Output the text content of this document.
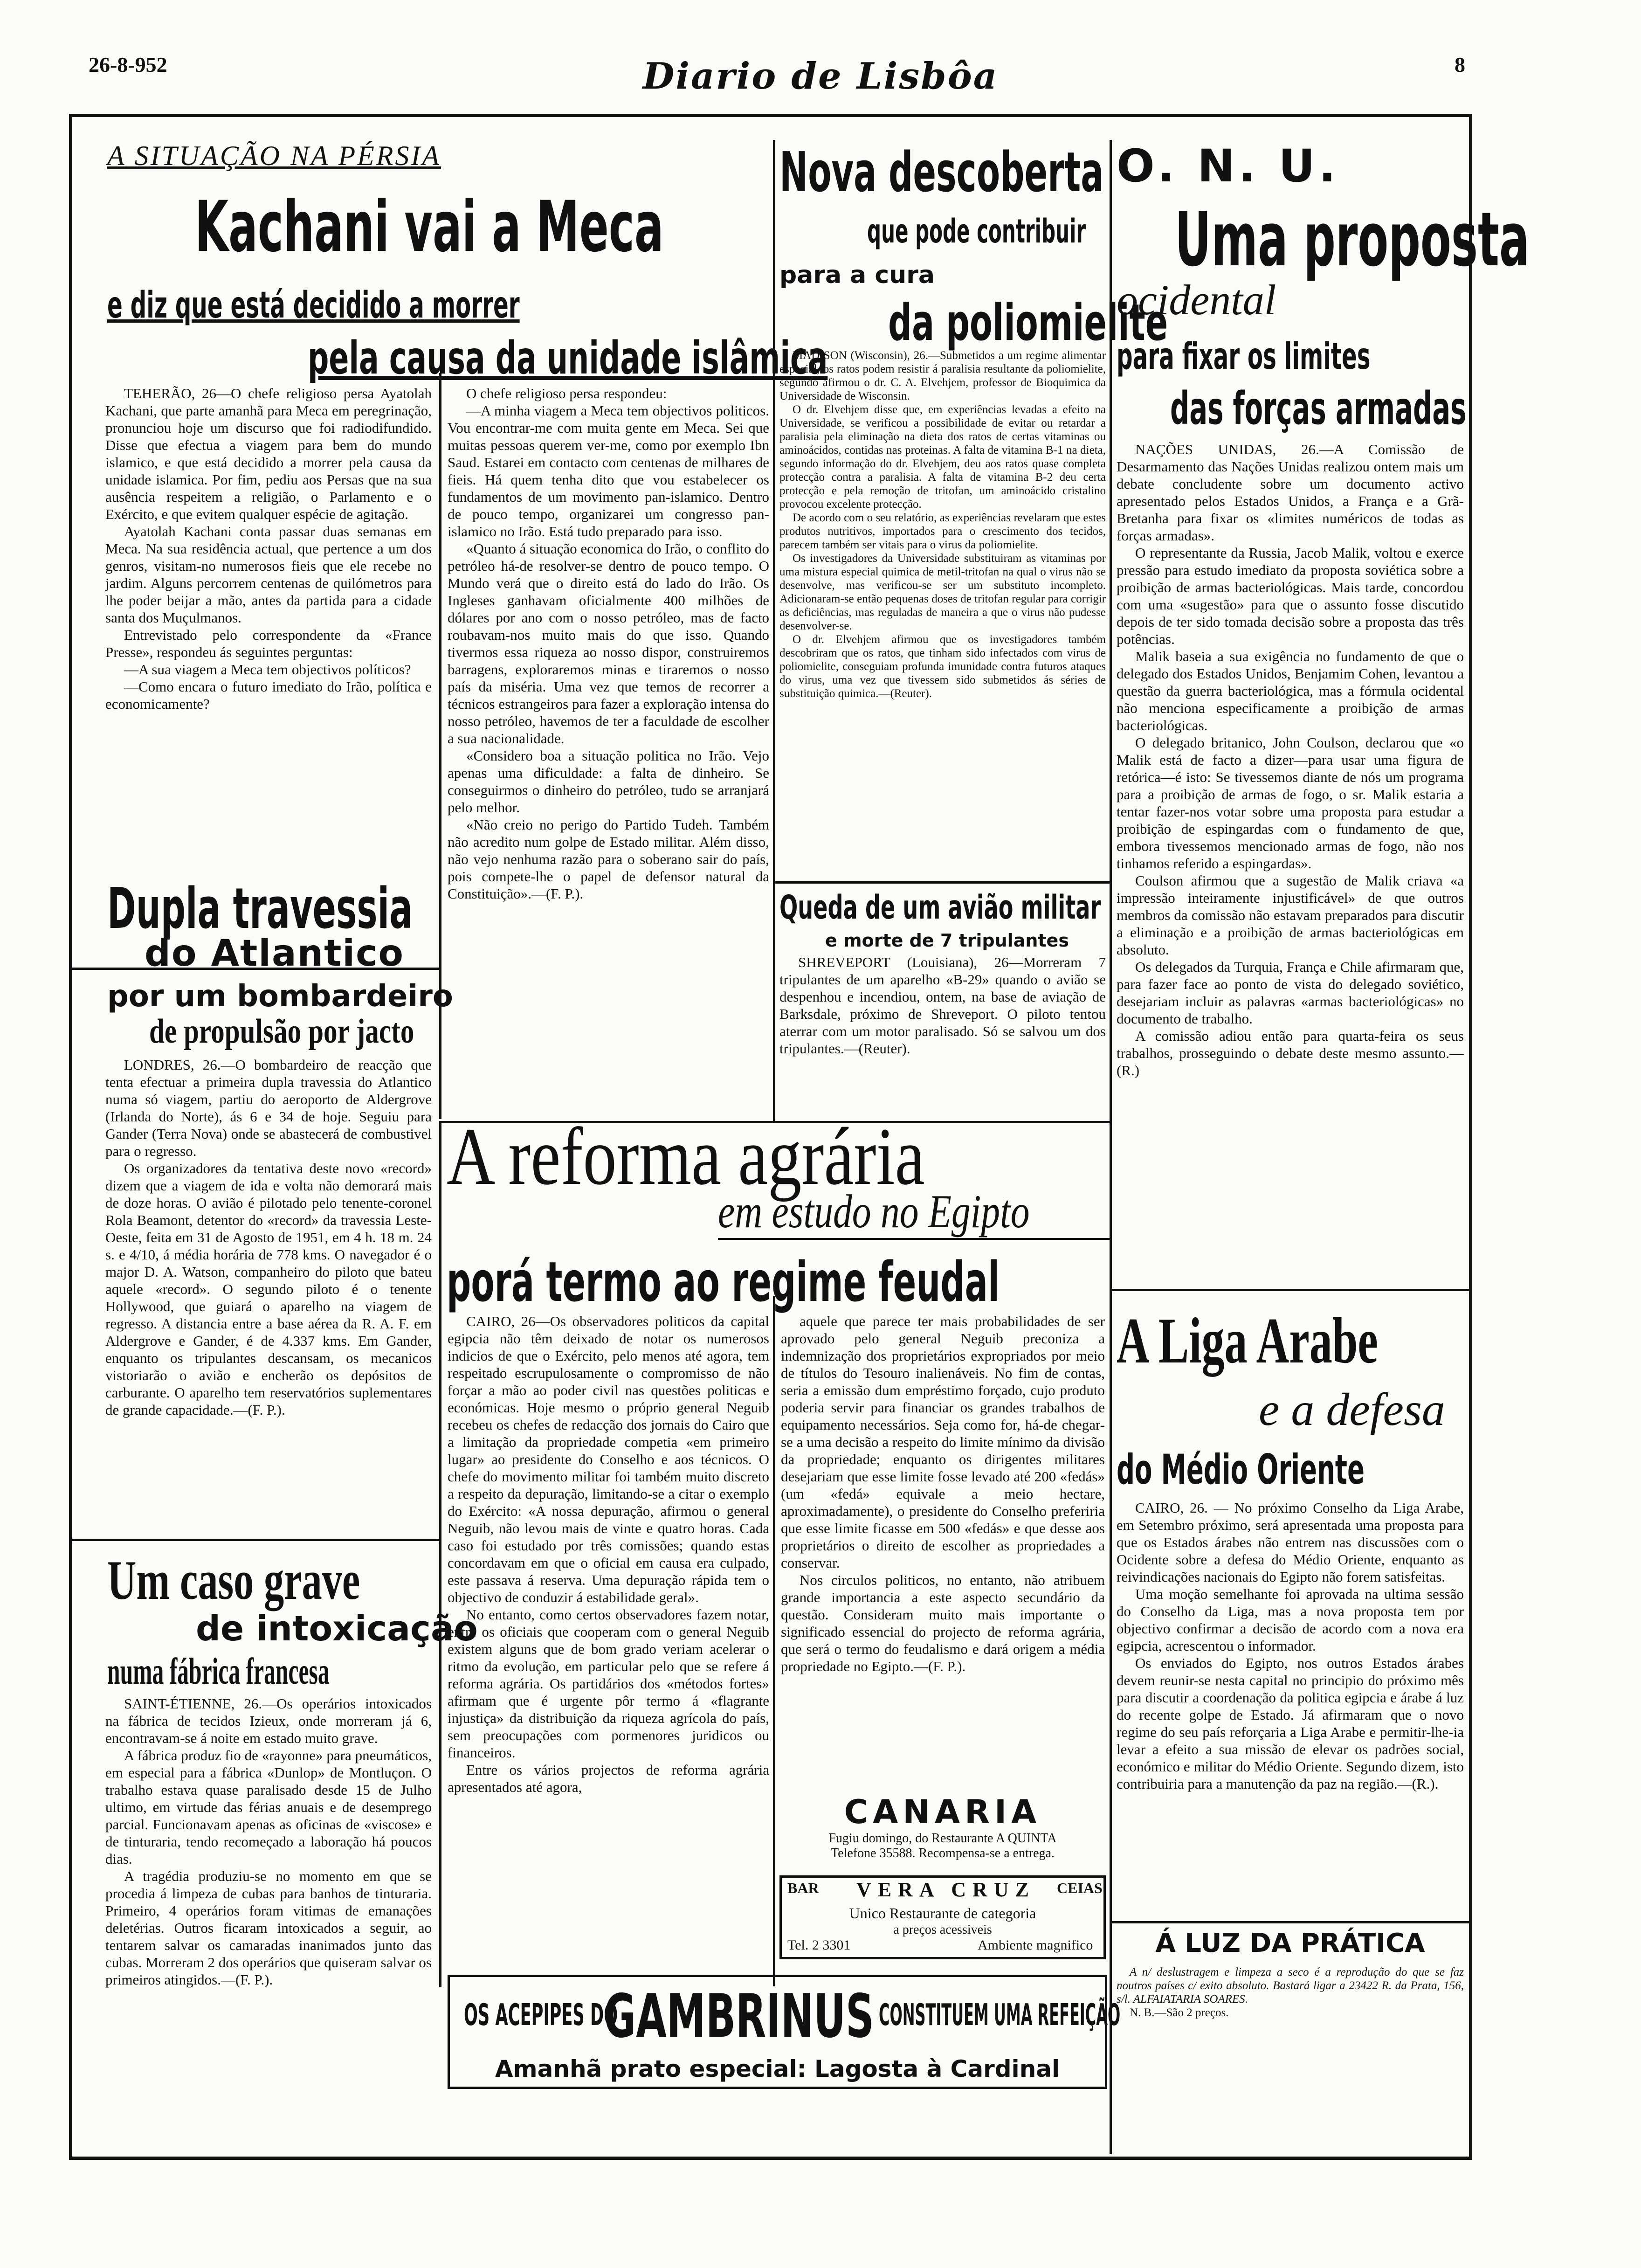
26-8-952	Diario de Lisbôa	8
A SITUAÇÃO NA PÉRSIA
Kachani vai a Meca
e diz que está decidido a morrer
pela causa da unidade islâmica

TEHERÃO, 26—O chefe religioso persa Ayatolah Kachani, que parte amanhã para Meca em peregrinação, pronunciou hoje um discurso que foi radiodifundido. Disse que efectua a viagem para bem do mundo islamico, e que está decidido a morrer pela causa da unidade islamica. Por fim, pediu aos Persas que na sua ausência respeitem a religião, o Parlamento e o Exército, e que evitem qualquer espécie de agitação.

Ayatolah Kachani conta passar duas semanas em Meca. Na sua residência actual, que pertence a um dos genros, visitam-no numerosos fieis que ele recebe no jardim. Alguns percorrem centenas de quilómetros para lhe poder beijar a mão, antes da partida para a cidade santa dos Muçulmanos.

Entrevistado pelo correspondente da «France Presse», respondeu ás seguintes perguntas:

—A sua viagem a Meca tem objectivos políticos?

—Como encara o futuro imediato do Irão, política e economicamente?

O chefe religioso persa respondeu:

—A minha viagem a Meca tem objectivos politicos. Vou encontrar-me com muita gente em Meca. Sei que muitas pessoas querem ver-me, como por exemplo Ibn Saud. Estarei em contacto com centenas de milhares de fieis. Há quem tenha dito que vou estabelecer os fundamentos de um movimento pan-islamico. Dentro de pouco tempo, organizarei um congresso pan-islamico no Irão. Está tudo preparado para isso.

«Quanto á situação economica do Irão, o conflito do petróleo há-de resolver-se dentro de pouco tempo. O Mundo verá que o direito está do lado do Irão. Os Ingleses ganhavam oficialmente 400 milhões de dólares por ano com o nosso petróleo, mas de facto roubavam-nos muito mais do que isso. Quando tivermos essa riqueza ao nosso dispor, construiremos barragens, exploraremos minas e tiraremos o nosso país da miséria. Uma vez que temos de recorrer a técnicos estrangeiros para fazer a exploração intensa do nosso petróleo, havemos de ter a faculdade de escolher a sua nacionalidade.

«Considero boa a situação politica no Irão. Vejo apenas uma dificuldade: a falta de dinheiro. Se conseguirmos o dinheiro do petróleo, tudo se arranjará pelo melhor.

«Não creio no perigo do Partido Tudeh. Também não acredito num golpe de Estado militar. Além disso, não vejo nenhuma razão para o soberano sair do país, pois compete-lhe o papel de defensor natural da Constituição».—(F. P.).

Nova descoberta
que pode contribuir
para a cura
da poliomielite

MADISON (Wisconsin), 26.—Submetidos a um regime alimentar especial, os ratos podem resistir á paralisia resultante da poliomielite, segundo afirmou o dr. C. A. Elvehjem, professor de Bioquimica da Universidade de Wisconsin.

O dr. Elvehjem disse que, em experiências levadas a efeito na Universidade, se verificou a possibilidade de evitar ou retardar a paralisia pela eliminação na dieta dos ratos de certas vitaminas ou aminoácidos, contidas nas proteinas. A falta de vitamina B-1 na dieta, segundo informação do dr. Elvehjem, deu aos ratos quase completa protecção contra a paralisia. A falta de vitamina B-2 deu certa protecção e pela remoção de tritofan, um aminoácido cristalino provocou excelente protecção.

De acordo com o seu relatório, as experiências revelaram que estes produtos nutritivos, importados para o crescimento dos tecidos, parecem também ser vitais para o virus da poliomielite.

Os investigadores da Universidade substituiram as vitaminas por uma mistura especial quimica de metil-tritofan na qual o virus não se desenvolve, mas verificou-se ser um substituto incompleto. Adicionaram-se então pequenas doses de tritofan regular para corrigir as deficiências, mas reguladas de maneira a que o virus não pudesse desenvolver-se.

O dr. Elvehjem afirmou que os investigadores também descobriram que os ratos, que tinham sido infectados com virus de poliomielite, conseguiam profunda imunidade contra futuros ataques do virus, uma vez que tivessem sido submetidos ás séries de substituição quimica.—(Reuter).

Queda de um avião militar
e morte de 7 tripulantes

SHREVEPORT (Louisiana), 26—Morreram 7 tripulantes de um aparelho «B-29» quando o avião se despenhou e incendiou, ontem, na base de aviação de Barksdale, próximo de Shreveport. O piloto tentou aterrar com um motor paralisado. Só se salvou um dos tripulantes.—(Reuter).

O. N. U.
Uma proposta
ocidental
para fixar os limites
das forças armadas

NAÇÕES UNIDAS, 26.—A Comissão de Desarmamento das Nações Unidas realizou ontem mais um debate concludente sobre um documento activo apresentado pelos Estados Unidos, a França e a Grã-Bretanha para fixar os «limites numéricos de todas as forças armadas».

O representante da Russia, Jacob Malik, voltou e exerce pressão para estudo imediato da proposta soviética sobre a proibição de armas bacteriológicas. Mais tarde, concordou com uma «sugestão» para que o assunto fosse discutido depois de ter sido tomada decisão sobre a proposta das três potências.

Malik baseia a sua exigência no fundamento de que o delegado dos Estados Unidos, Benjamim Cohen, levantou a questão da guerra bacteriológica, mas a fórmula ocidental não menciona especificamente a proibição de armas bacteriológicas.

O delegado britanico, John Coulson, declarou que «o Malik está de facto a dizer—para usar uma figura de retórica—é isto: Se tivessemos diante de nós um programa para a proibição de armas de fogo, o sr. Malik estaria a tentar fazer-nos votar sobre uma proposta para estudar a proibição de espingardas com o fundamento de que, embora tivessemos mencionado armas de fogo, não nos tinhamos referido a espingardas».

Coulson afirmou que a sugestão de Malik criava «a impressão inteiramente injustificável» de que outros membros da comissão não estavam preparados para discutir a eliminação e a proibição de armas bacteriológicas em absoluto.

Os delegados da Turquia, França e Chile afirmaram que, para fazer face ao ponto de vista do delegado soviético, desejariam incluir as palavras «armas bacteriológicas» no documento de trabalho.

A comissão adiou então para quarta-feira os seus trabalhos, prosseguindo o debate deste mesmo assunto.—(R.)

Dupla travessia
do Atlantico
por um bombardeiro
de propulsão por jacto

LONDRES, 26.—O bombardeiro de reacção que tenta efectuar a primeira dupla travessia do Atlantico numa só viagem, partiu do aeroporto de Aldergrove (Irlanda do Norte), ás 6 e 34 de hoje. Seguiu para Gander (Terra Nova) onde se abastecerá de combustivel para o regresso.

Os organizadores da tentativa deste novo «record» dizem que a viagem de ida e volta não demorará mais de doze horas. O avião é pilotado pelo tenente-coronel Rola Beamont, detentor do «record» da travessia Leste-Oeste, feita em 31 de Agosto de 1951, em 4 h. 18 m. 24 s. e 4/10, á média horária de 778 kms. O navegador é o major D. A. Watson, companheiro do piloto que bateu aquele «record». O segundo piloto é o tenente Hollywood, que guiará o aparelho na viagem de regresso. A distancia entre a base aérea da R. A. F. em Aldergrove e Gander, é de 4.337 kms. Em Gander, enquanto os tripulantes descansam, os mecanicos vistoriarão o avião e encherão os depósitos de carburante. O aparelho tem reservatórios suplementares de grande capacidade.—(F. P.).

A reforma agrária
em estudo no Egipto
porá termo ao regime feudal

CAIRO, 26—Os observadores politicos da capital egipcia não têm deixado de notar os numerosos indicios de que o Exército, pelo menos até agora, tem respeitado escrupulosamente o compromisso de não forçar a mão ao poder civil nas questões politicas e económicas. Hoje mesmo o próprio general Neguib recebeu os chefes de redacção dos jornais do Cairo que a limitação da propriedade competia «em primeiro lugar» ao presidente do Conselho e aos técnicos. O chefe do movimento militar foi também muito discreto a respeito da depuração, limitando-se a citar o exemplo do Exército: «A nossa depuração, afirmou o general Neguib, não levou mais de vinte e quatro horas. Cada caso foi estudado por três comissões; quando estas concordavam em que o oficial em causa era culpado, este passava á reserva. Uma depuração rápida tem o objectivo de conduzir á estabilidade geral».

No entanto, como certos observadores fazem notar, entre os oficiais que cooperam com o general Neguib existem alguns que de bom grado veriam acelerar o ritmo da evolução, em particular pelo que se refere á reforma agrária. Os partidários dos «métodos fortes» afirmam que é urgente pôr termo á «flagrante injustiça» da distribuição da riqueza agrícola do país, sem preocupações com pormenores juridicos ou financeiros.

Entre os vários projectos de reforma agrária apresentados até agora,

aquele que parece ter mais probabilidades de ser aprovado pelo general Neguib preconiza a indemnização dos proprietários expropriados por meio de títulos do Tesouro inalienáveis. No fim de contas, seria a emissão dum empréstimo forçado, cujo produto poderia servir para financiar os grandes trabalhos de equipamento necessários. Seja como for, há-de chegar-se a uma decisão a respeito do limite mínimo da divisão da propriedade; enquanto os dirigentes militares desejariam que esse limite fosse levado até 200 «fedás» (um «fedá» equivale a meio hectare, aproximadamente), o presidente do Conselho preferiria que esse limite ficasse em 500 «fedás» e que desse aos proprietários o direito de escolher as propriedades a conservar.

Nos circulos politicos, no entanto, não atribuem grande importancia a este aspecto secundário da questão. Consideram muito mais importante o significado essencial do projecto de reforma agrária, que será o termo do feudalismo e dará origem a média propriedade no Egipto.—(F. P.).

CANARIA
Fugiu domingo, do Restaurante A QUINTA
Telefone 35588. Recompensa-se a entrega.
BAR VERA CRUZ CEIAS
Unico Restaurante de categoria
a preços acessiveis
Tel. 2 3301	Ambiente magnifico
OS ACEPIPES DO
GAMBRINUS CONSTITUEM UMA REFEIÇÃO
Amanhã prato especial: Lagosta à Cardinal
Um caso grave
de intoxicação
numa fábrica francesa

SAINT-ÉTIENNE, 26.—Os operários intoxicados na fábrica de tecidos Izieux, onde morreram já 6, encontravam-se á noite em estado muito grave.

A fábrica produz fio de «rayonne» para pneumáticos, em especial para a fábrica «Dunlop» de Montluçon. O trabalho estava quase paralisado desde 15 de Julho ultimo, em virtude das férias anuais e de desemprego parcial. Funcionavam apenas as oficinas de «viscose» e de tinturaria, tendo recomeçado a laboração há poucos dias.

A tragédia produziu-se no momento em que se procedia á limpeza de cubas para banhos de tinturaria. Primeiro, 4 operários foram vitimas de emanações deletérias. Outros ficaram intoxicados a seguir, ao tentarem salvar os camaradas inanimados junto das cubas. Morreram 2 dos operários que quiseram salvar os primeiros atingidos.—(F. P.).

A Liga Arabe
e a defesa
do Médio Oriente

CAIRO, 26. — No próximo Conselho da Liga Arabe, em Setembro próximo, será apresentada uma proposta para que os Estados árabes não entrem nas discussões com o Ocidente sobre a defesa do Médio Oriente, enquanto as reivindicações nacionais do Egipto não forem satisfeitas.

Uma moção semelhante foi aprovada na ultima sessão do Conselho da Liga, mas a nova proposta tem por objectivo confirmar a decisão de acordo com a nova era egipcia, acrescentou o informador.

Os enviados do Egipto, nos outros Estados árabes devem reunir-se nesta capital no principio do próximo mês para discutir a coordenação da politica egipcia e árabe á luz do recente golpe de Estado. Já afirmaram que o novo regime do seu país reforçaria a Liga Arabe e permitir-lhe-ia levar a efeito a sua missão de elevar os padrões social, económico e militar do Médio Oriente. Segundo dizem, isto contribuiria para a manutenção da paz na região.—(R.).

Á LUZ DA PRÁTICA

A n/ deslustragem e limpeza a seco é a reprodução do que se faz noutros países c/ exito absoluto. Bastará ligar a 23422 R. da Prata, 156, s/l. ALFAIATARIA SOARES.

N. B.—São 2 preços.
